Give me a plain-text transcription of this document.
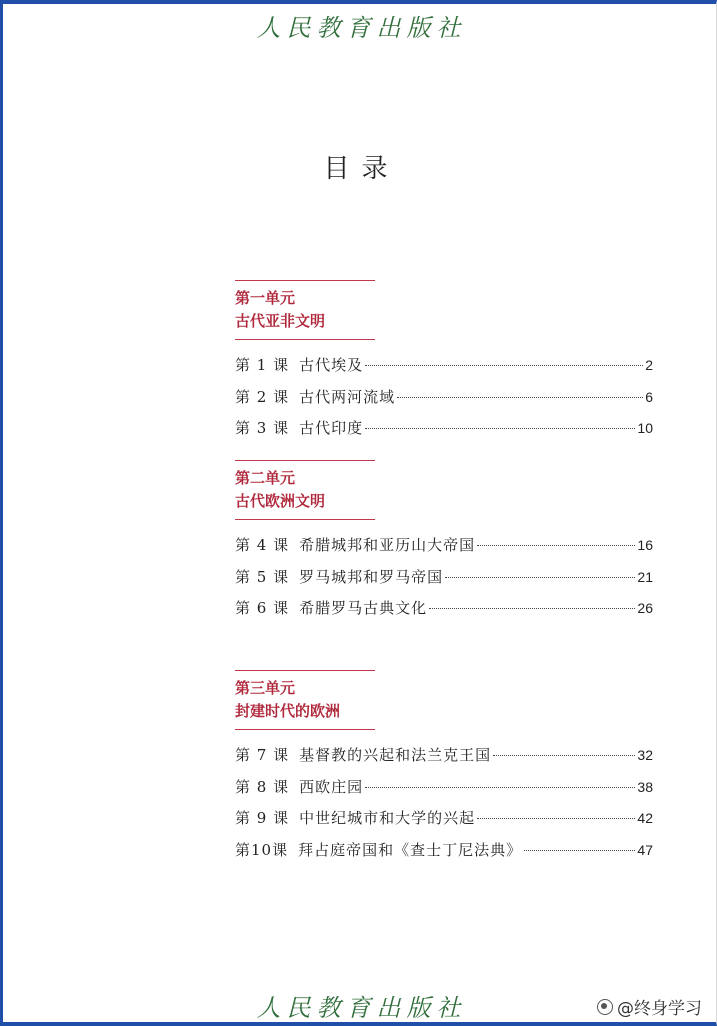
人民教育出版社
目录
第一单元
古代亚非文明
第 1 课 古代埃及	2
第 2 课 古代两河流域	6
第 3 课 古代印度	10
第二单元
古代欧洲文明
第 4 课 希腊城邦和亚历山大帝国	16
第 5 课 罗马城邦和罗马帝国	21
第 6 课 希腊罗马古典文化	26
第三单元
封建时代的欧洲
第 7 课 基督教的兴起和法兰克王国	32
第 8 课 西欧庄园	38
第 9 课 中世纪城市和大学的兴起	42
第10课 拜占庭帝国和《查士丁尼法典》	47
人民教育出版社	@终身学习
